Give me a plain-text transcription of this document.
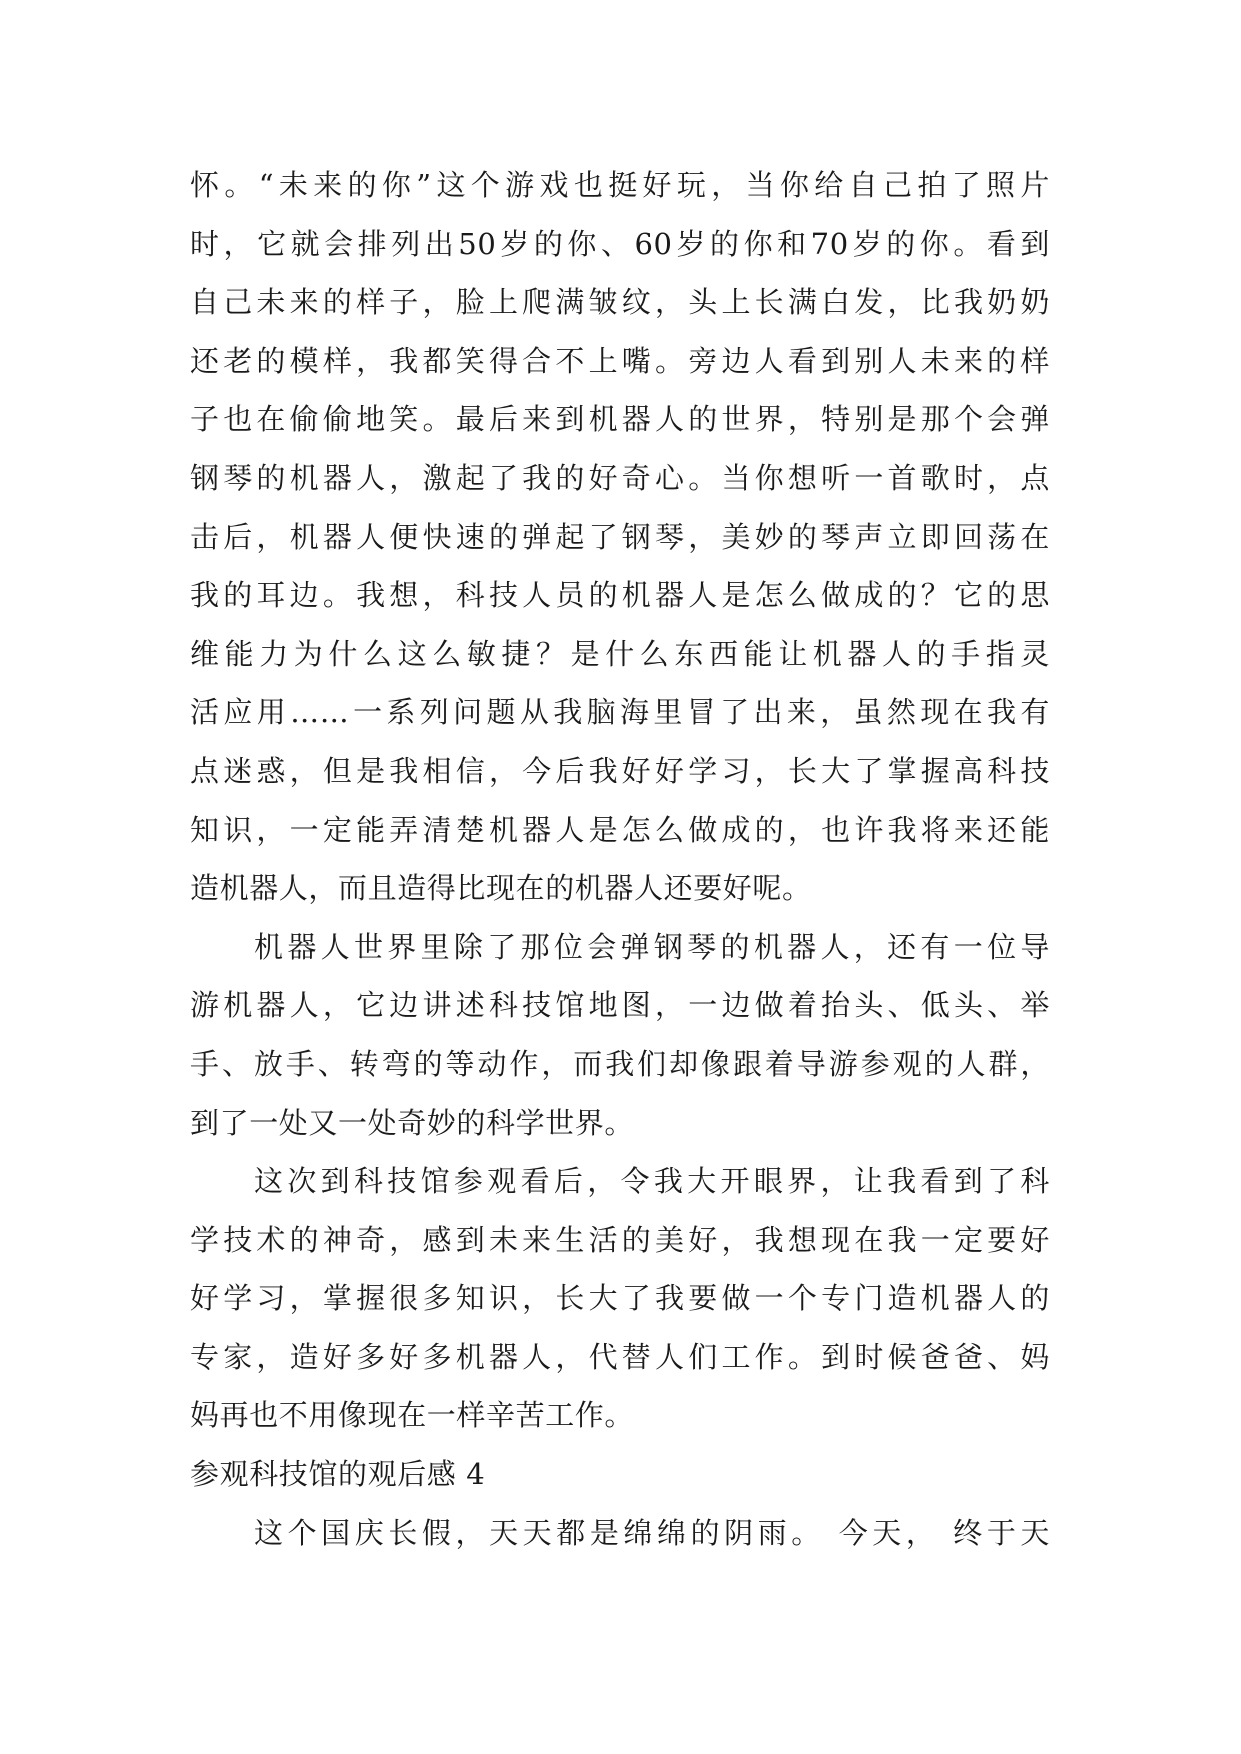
怀。“未来的你”这个游戏也挺好玩，当你给自己拍了照片
时，它就会排列出50岁的你、60岁的你和70岁的你。看到
自己未来的样子，脸上爬满皱纹，头上长满白发，比我奶奶
还老的模样，我都笑得合不上嘴。旁边人看到别人未来的样
子也在偷偷地笑。最后来到机器人的世界，特别是那个会弹
钢琴的机器人，激起了我的好奇心。当你想听一首歌时，点
击后，机器人便快速的弹起了钢琴，美妙的琴声立即回荡在
我的耳边。我想，科技人员的机器人是怎么做成的？它的思
维能力为什么这么敏捷？是什么东西能让机器人的手指灵
活应用……一系列问题从我脑海里冒了出来，虽然现在我有
点迷惑，但是我相信，今后我好好学习，长大了掌握高科技
知识，一定能弄清楚机器人是怎么做成的，也许我将来还能
造机器人，而且造得比现在的机器人还要好呢。
机器人世界里除了那位会弹钢琴的机器人，还有一位导
游机器人，它边讲述科技馆地图，一边做着抬头、低头、举
手、放手、转弯的等动作，而我们却像跟着导游参观的人群，
到了一处又一处奇妙的科学世界。
这次到科技馆参观看后，令我大开眼界，让我看到了科
学技术的神奇，感到未来生活的美好，我想现在我一定要好
好学习，掌握很多知识，长大了我要做一个专门造机器人的
专家，造好多好多机器人，代替人们工作。到时候爸爸、妈
妈再也不用像现在一样辛苦工作。
参观科技馆的观后感 4
这个国庆长假，天天都是绵绵的阴雨。 今天， 终于天
